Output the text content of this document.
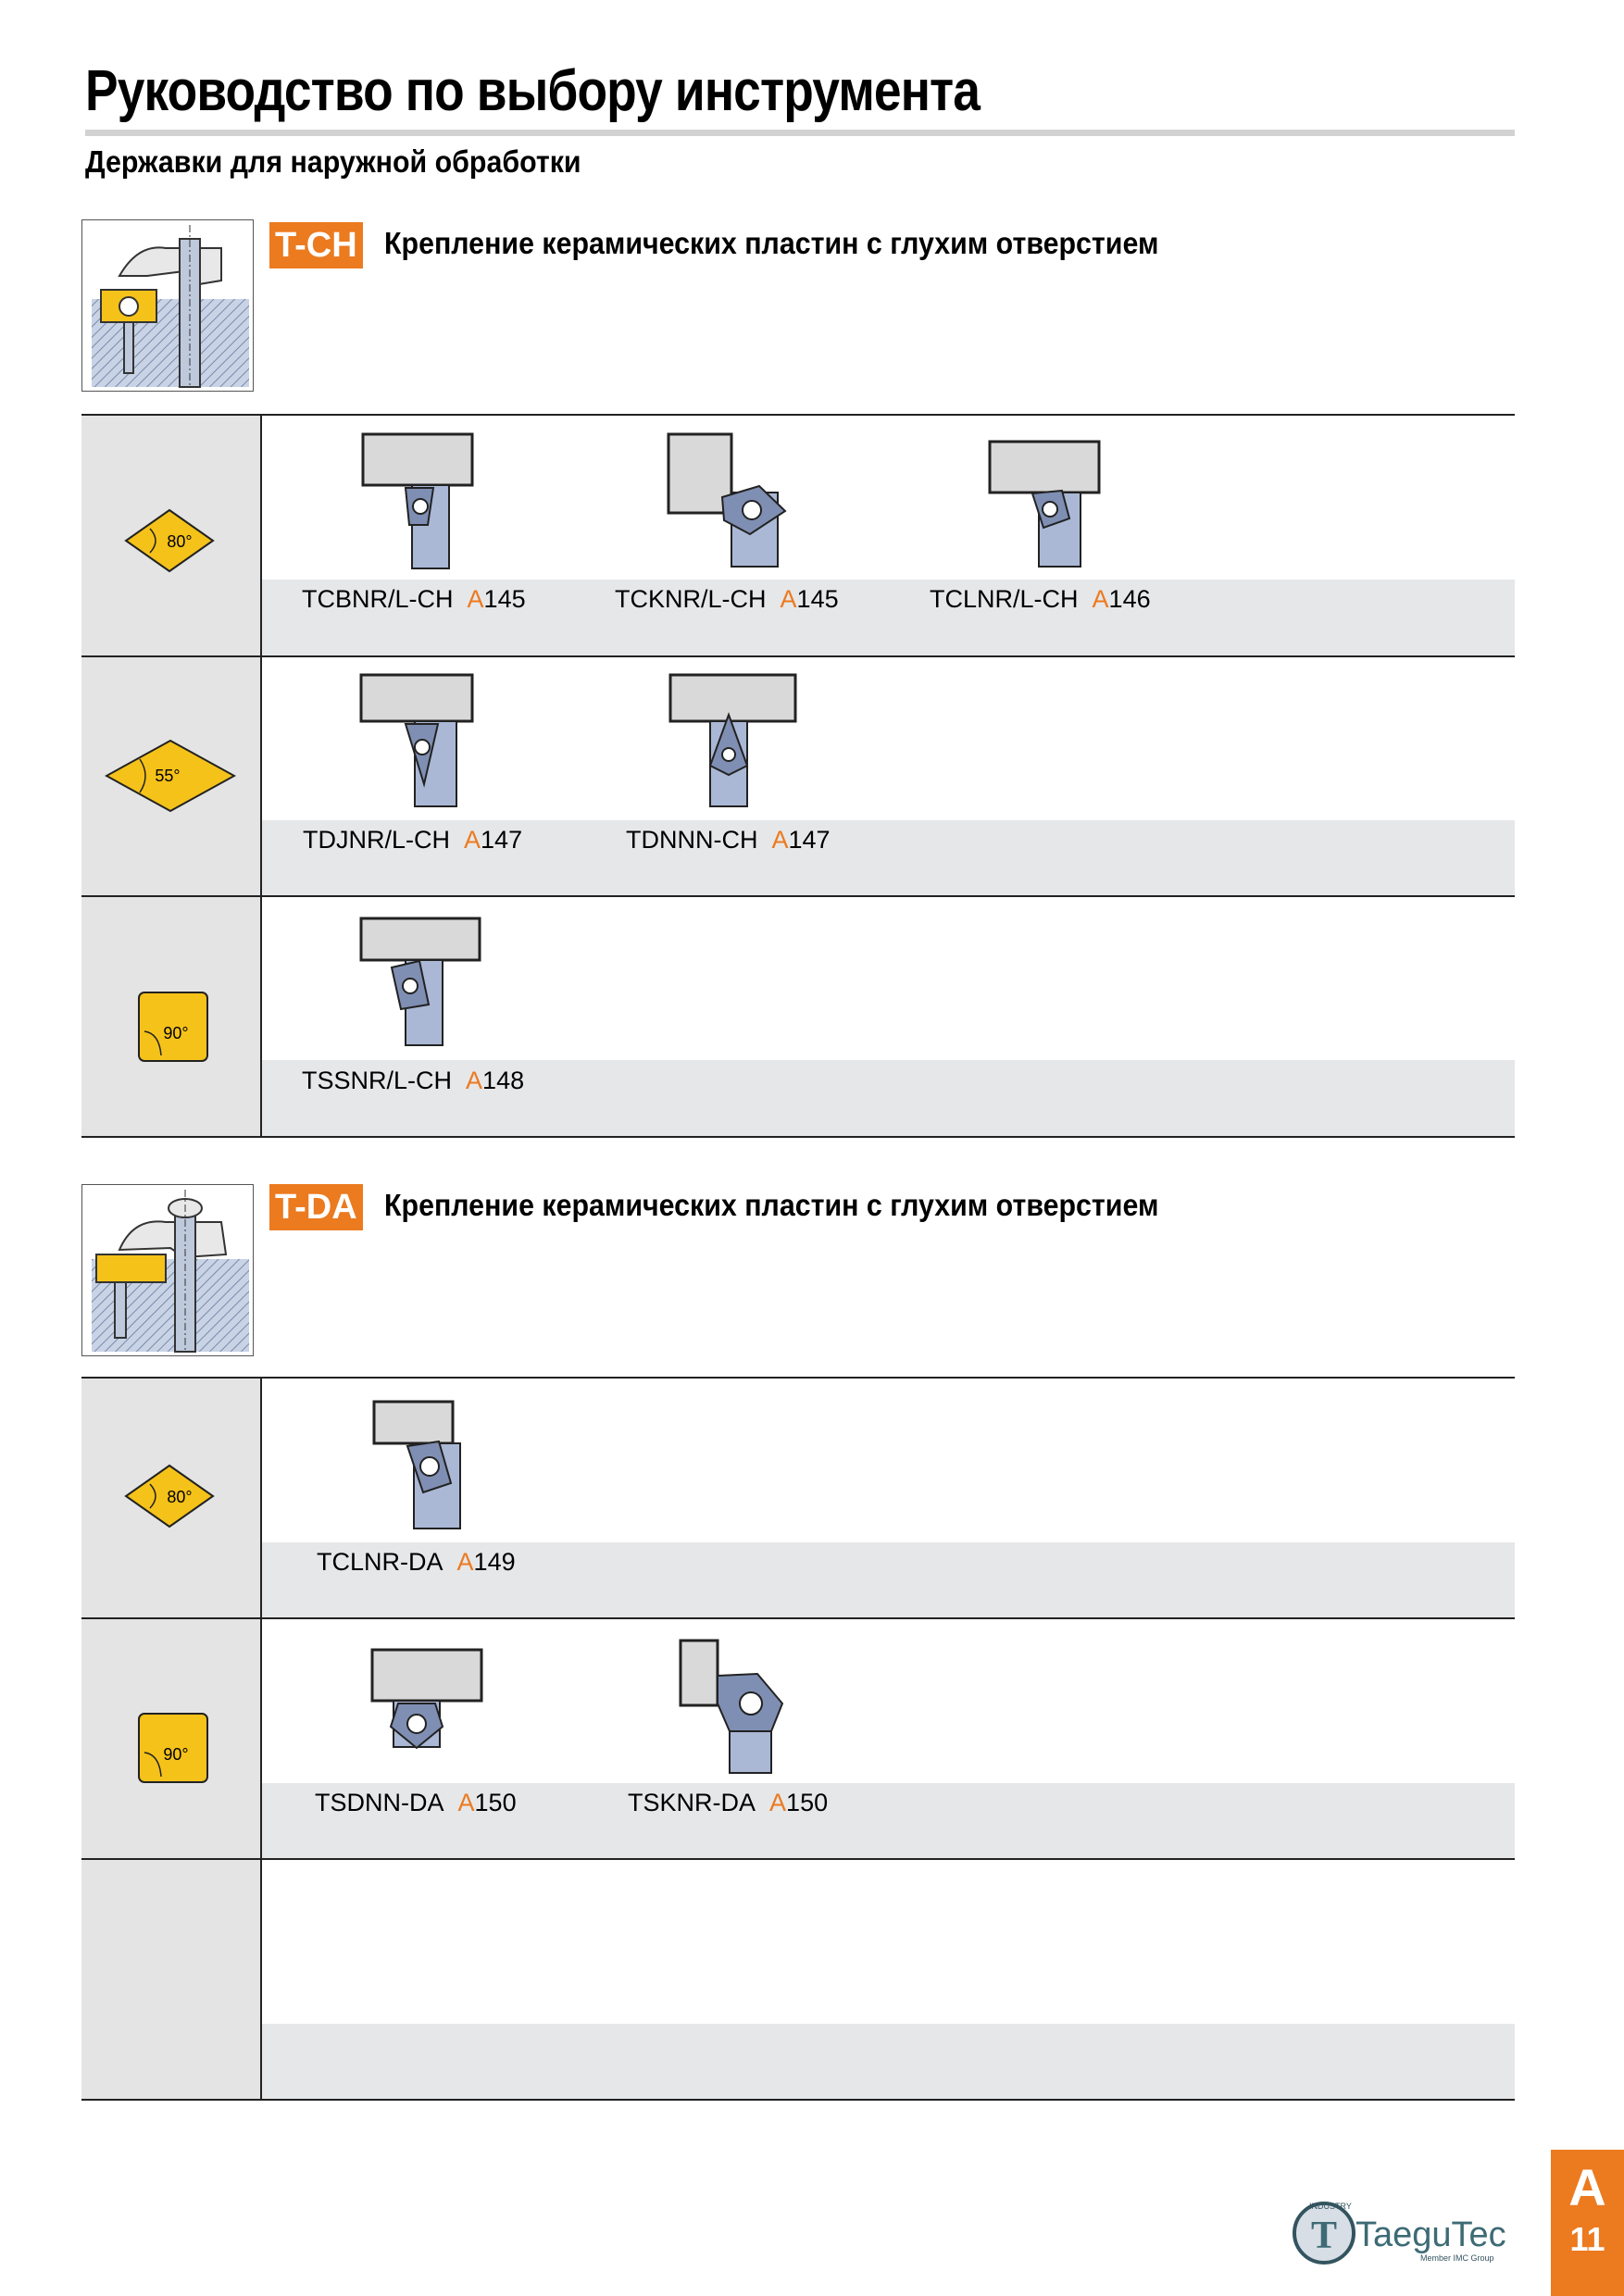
Руководство по выбору инструмента
Державки для наружной обработки
T-CH Крепление керамических пластин с глухим отверстием
80°
TCBNR/L-CH A145	TCKNR/L-CH A145	TCLNR/L-CH A146
55°
TDJNR/L-CH A147	TDNNN-CH A147
90°
TSSNR/L-CH A148
T-DA Крепление керамических пластин с глухим отверстием
80°
TCLNR-DA A149
90°
TSDNN-DA A150	TSKNR-DA A150
T
INDUSTRY
TaeguTec
Member IMC Group
A
11
